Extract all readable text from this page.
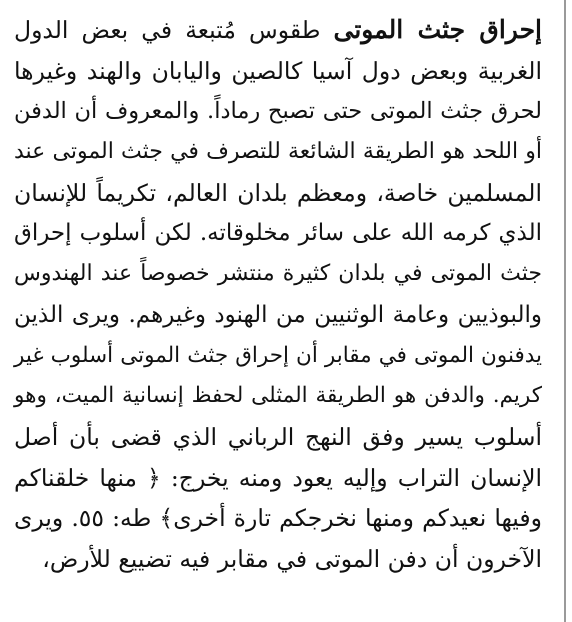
إحراق جثث الموتى طقوس مُتبعة في بعض الدول
الغربية وبعض دول آسيا كالصين واليابان والهند وغيرها
لحرق جثث الموتى حتى تصبح رماداً. والمعروف أن الدفن
أو اللحد هو الطريقة الشائعة للتصرف في جثث الموتى عند
المسلمين خاصة، ومعظم بلدان العالم، تكريماً للإنسان
الذي كرمه الله على سائر مخلوقاته. لكن أسلوب إحراق
جثث الموتى في بلدان كثيرة منتشر خصوصاً عند الهندوس
والبوذيين وعامة الوثنيين من الهنود وغيرهم. ويرى الذين
يدفنون الموتى في مقابر أن إحراق جثث الموتى أسلوب غير
كريم. والدفن هو الطريقة المثلى لحفظ إنسانية الميت، وهو
أسلوب يسير وفق النهج الرباني الذي قضى بأن أصل
الإنسان التراب وإليه يعود ومنه يخرج: ﴿ منها خلقناكم
وفيها نعيدكم ومنها نخرجكم تارة أخرى﴾ طه: ٥٥. ويرى
الآخرون أن دفن الموتى في مقابر فيه تضييع للأرض،
